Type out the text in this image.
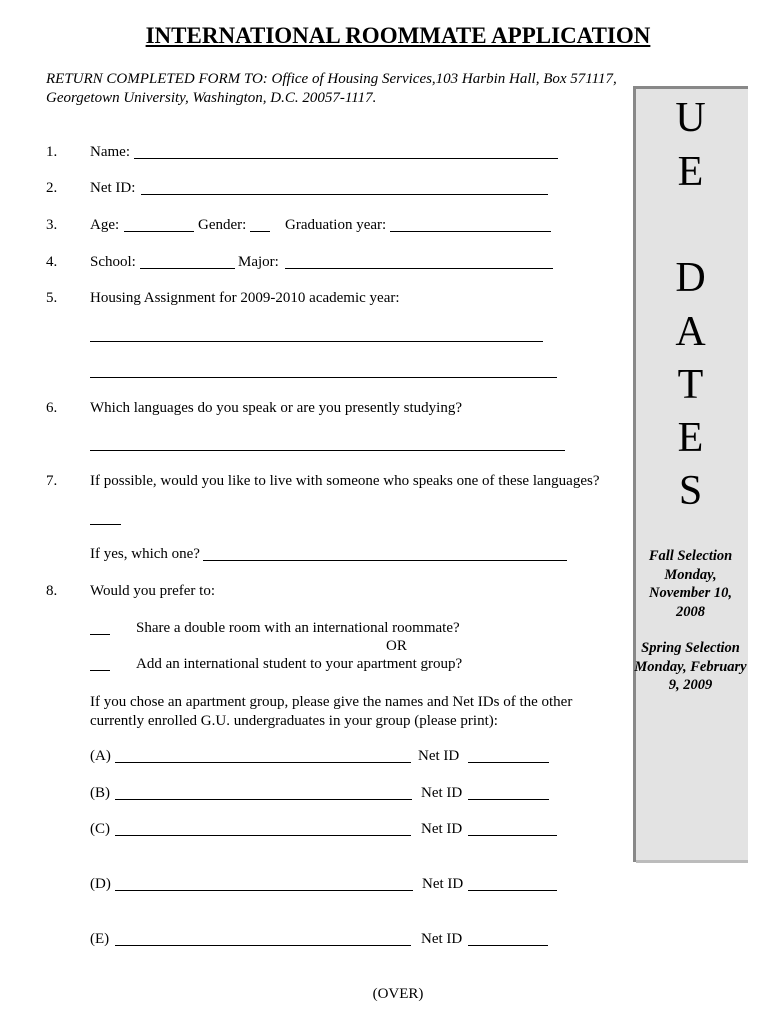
INTERNATIONAL ROOMMATE APPLICATION
RETURN COMPLETED FORM TO: Office of Housing Services,103 Harbin Hall, Box 571117, Georgetown University, Washington, D.C. 20057-1117.
1. Name:
2. Net ID:
3. Age:	Gender:	Graduation year:
4. School:	Major:
5. Housing Assignment for 2009-2010 academic year:
6. Which languages do you speak or are you presently studying?
7. If possible, would you like to live with someone who speaks one of these languages?
If yes, which one?
8. Would you prefer to:
Share a double room with an international roommate?
OR
Add an international student to your apartment group?
If you chose an apartment group, please give the names and Net IDs of the other currently enrolled G.U. undergraduates in your group (please print):
(A)	Net ID
(B)	Net ID
(C)	Net ID
(D)	Net ID
(E)	Net ID
(OVER)
U
E
D
A
T
E
S
Fall Selection Monday, November 10, 2008
Spring Selection Monday, February 9, 2009
